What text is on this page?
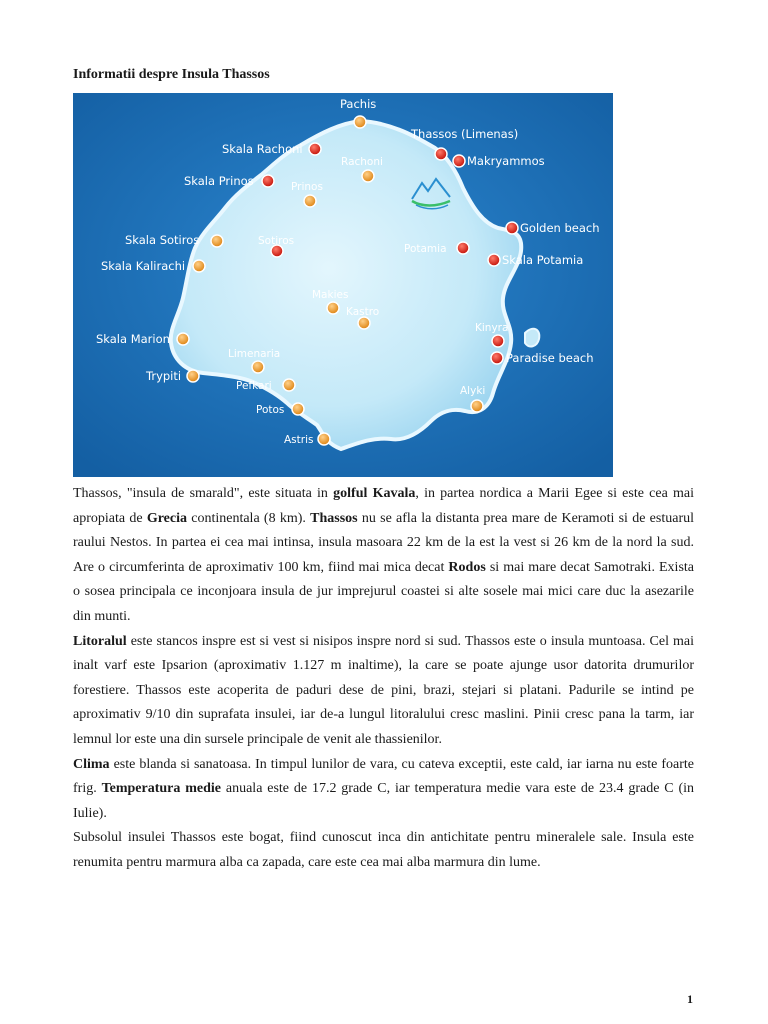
Informatii despre Insula Thassos
Pachis
Skala Rachoni
Thassos (Limenas)
Makryammos
Rachoni
Skala Prinos	Prinos
Golden beach
Skala Sotiros	Sotiros
Potamia
Skala Potamia
Skala Kalirachi
Makies
Kastro
Kinyra
Skala Marion
Limenaria	Paradise beach
Trypiti
Pefkari	Alyki
Potos
Astris

Thassos, "insula de smarald", este situata in golful Kavala, in partea nordica a Marii Egee si este cea mai apropiata de Grecia continentala (8 km). Thassos nu se afla la distanta prea mare de Keramoti si de estuarul raului Nestos. In partea ei cea mai intinsa, insula masoara 22 km de la est la vest si 26 km de la nord la sud. Are o circumferinta de aproximativ 100 km, fiind mai mica decat Rodos si mai mare decat Samotraki. Exista o sosea principala ce inconjoara insula de jur imprejurul coastei si alte sosele mai mici care duc la asezarile din munti.

Litoralul este stancos inspre est si vest si nisipos inspre nord si sud. Thassos este o insula muntoasa. Cel mai inalt varf este Ipsarion (aproximativ 1.127 m inaltime), la care se poate ajunge usor datorita drumurilor forestiere. Thassos este acoperita de paduri dese de pini, brazi, stejari si platani. Padurile se intind pe aproximativ 9/10 din suprafata insulei, iar de-a lungul litoralului cresc maslini. Pinii cresc pana la tarm, iar lemnul lor este una din sursele principale de venit ale thassienilor.

Clima este blanda si sanatoasa. In timpul lunilor de vara, cu cateva exceptii, este cald, iar iarna nu este foarte frig. Temperatura medie anuala este de 17.2 grade C, iar temperatura medie vara este de 23.4 grade C (in Iulie).

Subsolul insulei Thassos este bogat, fiind cunoscut inca din antichitate pentru mineralele sale. Insula este renumita pentru marmura alba ca zapada, care este cea mai alba marmura din lume.

1
